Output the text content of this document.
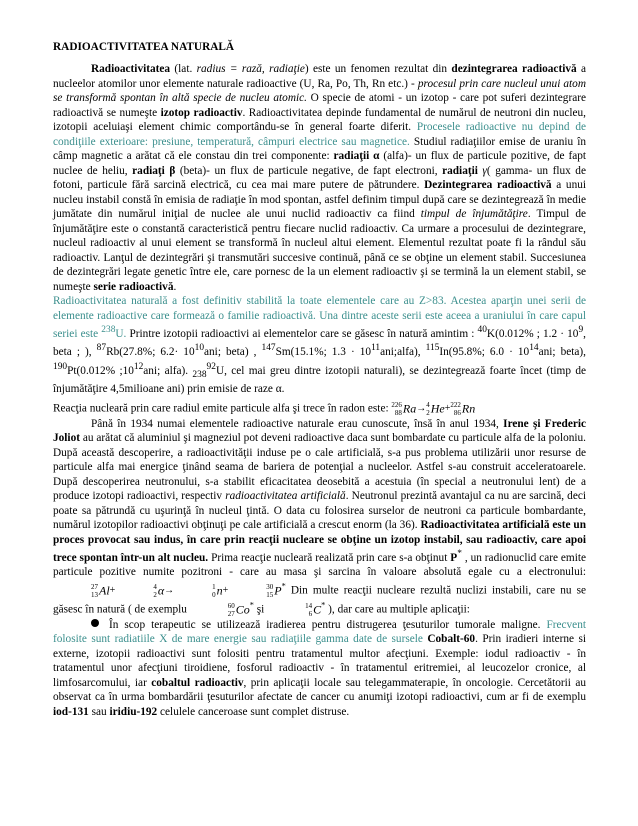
RADIOACTIVITATEA NATURALĂ

Radioactivitatea (lat. radius = rază, radiaţie) este un fenomen rezultat din dezintegrarea radioactivă a nucleelor atomilor unor elemente naturale radioactive (U, Ra, Po, Th, Rn etc.) - procesul prin care nucleul unui atom se transformă spontan în altă specie de nucleu atomic. O specie de atomi - un izotop - care pot suferi dezintegrare radioactivă se numeşte izotop radioactiv. Radioactivitatea depinde fundamental de numărul de neutroni din nucleu, izotopii aceluiaşi element chimic comportându-se în general foarte diferit. Procesele radioactive nu depind de condiţiile exterioare: presiune, temperatură, câmpuri electrice sau magnetice. Studiul radiaţiilor emise de uraniu în câmp magnetic a arătat că ele constau din trei componente: radiaţii α (alfa)- un flux de particule pozitive, de fapt nuclee de heliu, radiaţi β (beta)- un flux de particule negative, de fapt electroni, radiaţii γ( gamma- un flux de fotoni, particule fără sarcină electrică, cu cea mai mare putere de pătrundere. Dezintegrarea radioactivă a unui nucleu instabil constă în emisia de radiaţie în mod spontan, astfel definim timpul după care se dezintegrează în medie jumătate din numărul iniţial de nuclee ale unui nuclid radioactiv ca fiind timpul de înjumătăţire. Timpul de înjumătăţire este o constantă caracteristică pentru fiecare nuclid radioactiv. Ca urmare a procesului de dezintegrare, nucleul radioactiv al unui element se transformă în nucleul altui element. Elementul rezultat poate fi la rândul său radioactiv. Lanţul de dezintegrări şi transmutări succesive continuă, până ce se obţine un element stabil. Succesiunea de dezintegrări legate genetic între ele, care pornesc de la un element radioactiv şi se termină la un element stabil, se numeşte serie radioactivă.

Radioactivitatea naturală a fost definitiv stabilită la toate elementele care au Z>83. Acestea aparţin unei serii de elemente radioactive care formează o familie radioactivă. Una dintre aceste serii este aceea a uraniului în care capul seriei este $^{238}$U. Printre izotopii radioactivi ai elementelor care se găsesc în natură amintim : $^{40}$K(0.012% ; $1.2 \cdot 10^9$, beta ; ), $^{87}$Rb(27.8%; $6.2\cdot 10^{10}ani$; beta) , $^{147}$Sm(15.1%; $1.3 \cdot 10^{11}ani;alfa$), $^{115}$In(95.8%; $6.0 \cdot 10^{14}ani$; beta), $^{190}$Pt(0.012% $;10^{12}ani$; alfa). $_{238}^{92}$U, cel mai greu dintre izotopii naturali), se dezintegrează foarte încet (timp de înjumătăţire 4,5milioane ani) prin emisie de raze α.

Reacţia nucleară prin care radiul emite particule alfa şi trece în radon este: 226
88 Ra→ 4
2 He+ 222
86 Rn

Până în 1934 numai elementele radioactive naturale erau cunoscute, însă în anul 1934, Irene şi Frederic Joliot au arătat că aluminiul şi magneziul pot deveni radioactive daca sunt bombardate cu particule alfa de la poloniu. După această descoperire, a radioactivităţii induse pe o cale artificială, s-a pus problema utilizării unor resurse de particule alfa mai energice ţinând seama de bariera de potenţial a nucleelor. Astfel s-au construit acceleratoarele. După descoperirea neutronului, s-a stabilit eficacitatea deosebită a acestuia (în special a neutronului lent) de a produce izotopi radioactivi, respectiv radioactivitatea artificială. Neutronul prezintă avantajul ca nu are sarcină, deci poate sa pătrundă cu uşurinţă în nucleul ţintă. O data cu folosirea surselor de neutroni ca particule bombardante, numărul izotopilor radioactivi obţinuţi pe cale artificială a crescut enorm (la 36). Radioactivitatea artificială este un proces provocat sau indus, în care prin reacţii nucleare se obţine un izotop instabil, sau radioactiv, care apoi trece spontan într-un alt nucleu. Prima reacţie nucleară realizată prin care s-a obţinut P* , un radionuclid care emite particule pozitive numite pozitroni - care au masa şi sarcina în valoare absolută egale cu a electronului:
27
13 Al+	4
2 α→	1
0 n+	30
15 P* Din multe reacţii nucleare rezultă nuclizi instabili, care nu se găsesc în natură ( de exemplu	60
27 Co* şi	14
6 C* ), dar care au multiple aplicaţii:

În scop terapeutic se utilizează iradierea pentru distrugerea ţesuturilor tumorale maligne. Frecvent folosite sunt radiatiile X de mare energie sau radiaţiile gamma date de sursele Cobalt-60. Prin iradieri interne si externe, izotopii radioactivi sunt folositi pentru tratamentul multor afecţiuni. Exemple: iodul radioactiv - în tratamentul unor afecţiuni tiroidiene, fosforul radioactiv - în tratamentul eritremiei, al leucozelor cronice, al limfosarcomului, iar cobaltul radioactiv, prin aplicaţii locale sau telegammaterapie, în oncologie. Cercetătorii au observat ca în urma bombardării ţesuturilor afectate de cancer cu anumiţi izotopi radioactivi, cum ar fi de exemplu iod-131 sau iridiu-192 celulele canceroase sunt complet distruse.
